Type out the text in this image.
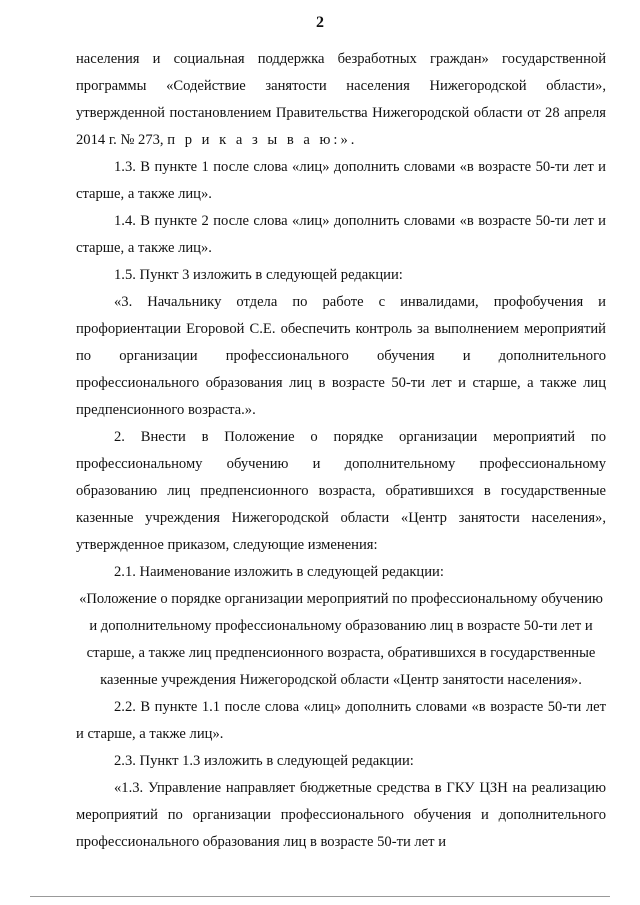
2

населения и социальная поддержка безработных граждан» государственной программы «Содействие занятости населения Нижегородской области», утвержденной постановлением Правительства Нижегородской области от 28 апреля 2014 г. № 273, п р и к а з ы в а ю:».

1.3. В пункте 1 после слова «лиц» дополнить словами «в возрасте 50-ти лет и старше, а также лиц».

1.4. В пункте 2 после слова «лиц» дополнить словами «в возрасте 50-ти лет и старше, а также лиц».

1.5. Пункт 3 изложить в следующей редакции:

«3. Начальнику отдела по работе с инвалидами, профобучения и профориентации Егоровой С.Е. обеспечить контроль за выполнением мероприятий по организации профессионального обучения и дополнительного профессионального образования лиц в возрасте 50-ти лет и старше, а также лиц предпенсионного возраста.».

2. Внести в Положение о порядке организации мероприятий по профессиональному обучению и дополнительному профессиональному образованию лиц предпенсионного возраста, обратившихся в государственные казенные учреждения Нижегородской области «Центр занятости населения», утвержденное приказом, следующие изменения:

2.1. Наименование изложить в следующей редакции:

«Положение о порядке организации мероприятий по профессиональному обучению и дополнительному профессиональному образованию лиц в возрасте 50-ти лет и старше, а также лиц предпенсионного возраста, обратившихся в государственные казенные учреждения Нижегородской области «Центр занятости населения».

2.2. В пункте 1.1 после слова «лиц» дополнить словами «в возрасте 50-ти лет и старше, а также лиц».

2.3. Пункт 1.3 изложить в следующей редакции:

«1.3. Управление направляет бюджетные средства в ГКУ ЦЗН на реализацию мероприятий по организации профессионального обучения и дополнительного профессионального образования лиц в возрасте 50-ти лет и
